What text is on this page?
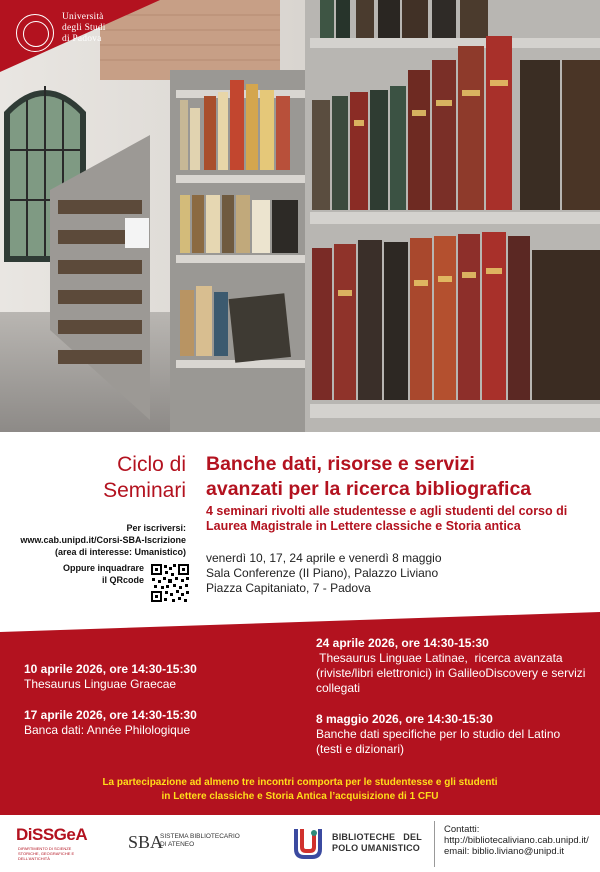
Università
degli Studi
di Padova
Ciclo di
Seminari
Banche dati, risorse e servizi
avanzati per la ricerca bibliografica
4 seminari rivolti alle studentesse e agli studenti del corso di
Laurea Magistrale in Lettere classiche e Storia antica
Per iscriversi:
www.cab.unipd.it/Corsi-SBA-Iscrizione
(area di interesse: Umanistico)
Oppure inquadrare
il QRcode
venerdì 10, 17, 24 aprile e venerdì 8 maggio
Sala Conferenze (II Piano), Palazzo Liviano
Piazza Capitaniato, 7 - Padova
10 aprile 2026, ore 14:30-15:30
Thesaurus Linguae Graecae
17 aprile 2026, ore 14:30-15:30
Banca dati: Année Philologique
24 aprile 2026, ore 14:30-15:30
Thesaurus Linguae Latinae,  ricerca avanzata
(riviste/libri elettronici) in GalileoDiscovery e servizi
collegati
8 maggio 2026, ore 14:30-15:30
Banche dati specifiche per lo studio del Latino
(testi e dizionari)
La partecipazione ad almeno tre incontri comporta per le studentesse e gli studenti
in Lettere classiche e Storia Antica l’acquisizione di 1 CFU
DiSSGeA
DIPARTIMENTO DI SCIENZE STORICHE, GEOGRAFICHE E DELL'ANTICHITÀ
SBA
SISTEMA BIBLIOTECARIO
DI ATENEO
BIBLIOTECHE   DEL
POLO UMANISTICO
Contatti:
http://bibliotecaliviano.cab.unipd.it/
email: biblio.liviano@unipd.it
